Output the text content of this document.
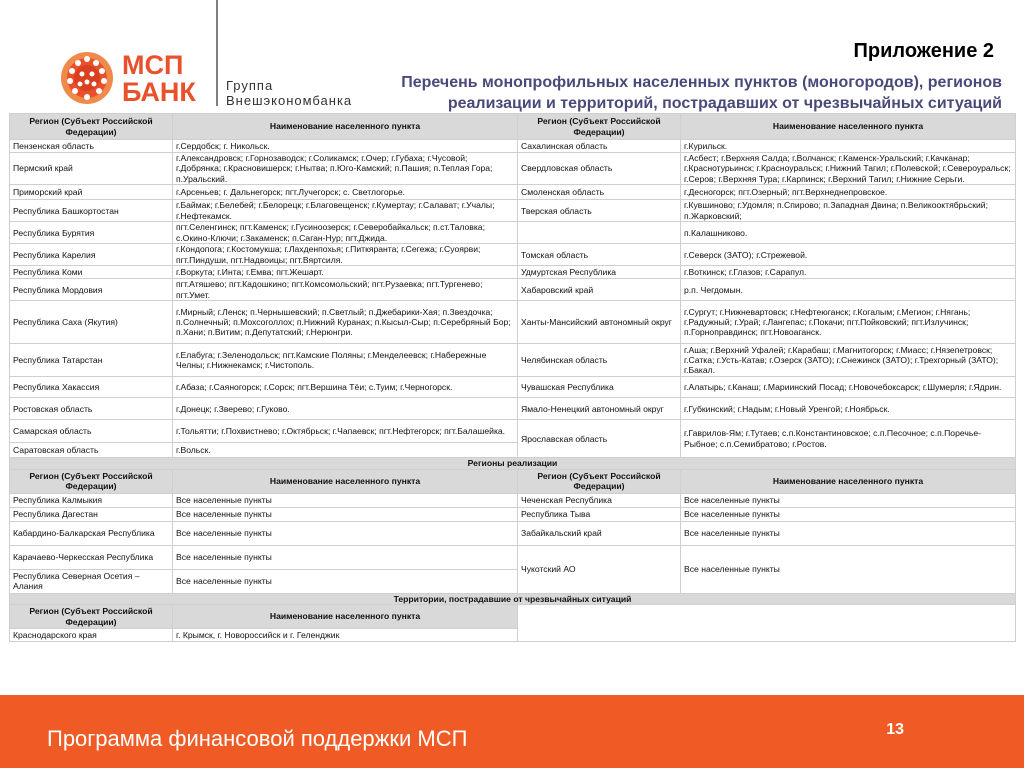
МСП
БАНК Группа
Внешэкономбанка
Приложение 2
Перечень монопрофильных населенных пунктов (моногородов), регионов реализации и территорий, пострадавших от чрезвычайных ситуаций
Регион (Субъект Российской Федерации)	Наименование населенного пункта	Регион (Субъект Российской Федерации)	Наименование населенного пункта
Пензенская область	г.Сердобск; г. Никольск.	Сахалинская область	г.Курильск.
Пермский край	г.Александровск; г.Горнозаводск; г.Соликамск; г.Очер; г.Губаха; г.Чусовой; г.Добрянка; г.Красновишерск; г.Нытва; п.Юго-Камский; п.Пашия; п.Теплая Гора; п.Уральский.	Свердловская область	г.Асбест; г.Верхняя Салда; г.Волчанск; г.Каменск-Уральский; г.Качканар; г.Краснотурьинск; г.Красноуральск; г.Нижний Тагил; г.Полевской; г.Североуральск; г.Серов; г.Верхняя Тура; г.Карпинск; г.Верхний Тагил; г.Нижние Серьги.
Приморский край	г.Арсеньев; г. Дальнегорск; пгт.Лучегорск; с. Светлогорье.	Смоленская область	г.Десногорск; пгт.Озерный; пгт.Верхнеднепровское.
Республика Башкортостан	г.Баймак; г.Белебей; г.Белорецк; г.Благовещенск; г.Кумертау; г.Салават; г.Учалы; г.Нефтекамск.	Тверская область	г.Кувшиново; г.Удомля; п.Спирово; п.Западная Двина; п.Великооктябрьский; п.Жарковский;
Республика Бурятия	пгт.Селенгинск; пгт.Каменск; г.Гусиноозерск; г.Северобайкальск; п.ст.Таловка; с.Окино-Ключи; г.Закаменск; п.Саган-Нур; пгт.Джида.		п.Калашниково.
Республика Карелия	г.Кондопога; г.Костомукша; г.Лахденпохья; г.Питкяранта; г.Сегежа; г.Суоярви; пгт.Пиндуши, пгт.Надвоицы; пгт.Вяртсиля.	Томская область	г.Северск (ЗАТО); г.Стрежевой.
Республика Коми	г.Воркута; г.Инта; г.Емва; пгт.Жешарт.	Удмуртская Республика	г.Воткинск; г.Глазов; г.Сарапул.
Республика Мордовия	пгт.Атяшево; пгт.Кадошкино; пгт.Комсомольский; пгт.Рузаевка; пгт.Тургенево; пгт.Умет.	Хабаровский край	р.п. Чегдомын.
Республика Саха (Якутия)	г.Мирный; г.Ленск; п.Чернышевский; п.Светлый; п.Джебарики-Хая; п.Звездочка; п.Солнечный; п.Мохсоголлох; п.Нижний Куранах; п.Кысыл-Сыр; п.Серебряный Бор; п.Хани; п.Витим; п.Депутатский; г.Нерюнгри.	Ханты-Мансийский автономный округ	г.Сургут; г.Нижневартовск; г.Нефтеюганск; г.Когалым; г.Мегион; г.Нягань; г.Радужный; г.Урай; г.Лангепас; г.Покачи; пгт.Пойковский; пгт.Излучинск; п.Горноправдинск; пгт.Новоаганск.
Республика Татарстан	г.Елабуга; г.Зеленодольск; пгт.Камские Поляны; г.Менделеевск; г.Набережные Челны; г.Нижнекамск; г.Чистополь.	Челябинская область	г.Аша; г.Верхний Уфалей; г.Карабаш; г.Магнитогорск; г.Миасс; г.Нязепетровск; г.Сатка; г.Усть-Катав; г.Озерск (ЗАТО); г.Снежинск (ЗАТО); г.Трехгорный (ЗАТО); г.Бакал.
Республика Хакассия	г.Абаза; г.Саяногорск; г.Сорск; пгт.Вершина Тёи; с.Туим; г.Черногорск.	Чувашская Республика	г.Алатырь; г.Канаш; г.Мариинский Посад; г.Новочебоксарск; г.Шумерля; г.Ядрин.
Ростовская область	г.Донецк; г.Зверево; г.Гуково.	Ямало-Ненецкий автономный округ	г.Губкинский; г.Надым; г.Новый Уренгой; г.Ноябрьск.
Самарская область	г.Тольятти; г.Похвистнево; г.Октябрьск; г.Чапаевск; пгт.Нефтегорск; пгт.Балашейка.	Ярославская область	г.Гаврилов-Ям; г.Тутаев; с.п.Константиновское; с.п.Песочное; с.п.Поречье-Рыбное; с.п.Семибратово; г.Ростов.
Саратовская область	г.Вольск.		
Регионы реализации			
Регион (Субъект Российской Федерации)	Наименование населенного пункта	Регион (Субъект Российской Федерации)	Наименование населенного пункта
Республика Калмыкия	Все населенные пункты	Чеченская Республика	Все населенные пункты
Республика Дагестан	Все населенные пункты	Республика Тыва	Все населенные пункты
Кабардино-Балкарская Республика	Все населенные пункты	Забайкальский край	Все населенные пункты
Карачаево-Черкесская Республика	Все населенные пункты	Чукотский АО	Все населенные пункты
Республика Северная Осетия – Алания	Все населенные пункты		
Территории, пострадавшие от чрезвычайных ситуаций			
Регион (Субъект Российской Федерации)	Наименование населенного пункта		
Краснодарского края	г. Крымск, г. Новороссийск и г. Геленджик		
Программа финансовой поддержки МСП	13
